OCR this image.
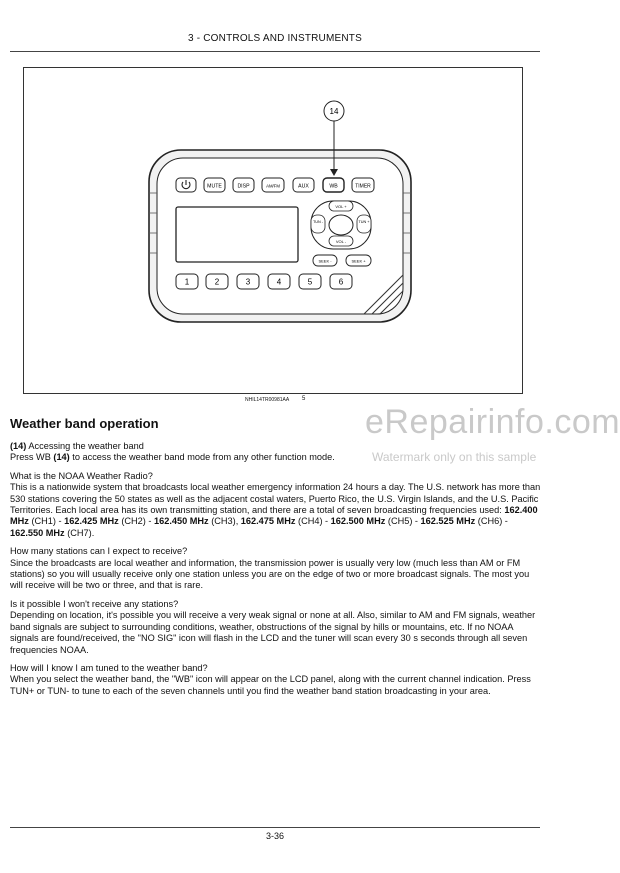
3 - CONTROLS AND INSTRUMENTS
14
MUTE	DISP	AM/FM	AUX	WB	TIMER
VOL +
VOL -
TUN -	TUN +
SEEK -	SEEK +
1	2	3	4	5	6
NHIL14TR00981AA 5
eRepairinfo.com
Watermark only on this sample
Weather band operation

(14) Accessing the weather band
Press WB (14) to access the weather band mode from any other function mode.

What is the NOAA Weather Radio?
This is a nationwide system that broadcasts local weather emergency information 24 hours a day. The U.S. network has more than 530 stations covering the 50 states as well as the adjacent costal waters, Puerto Rico, the U.S. Virgin Islands, and the U.S. Pacific Territories. Each local area has its own transmitting station, and there are a total of seven broadcasting frequencies used: 162.400 MHz (CH1) - 162.425 MHz (CH2) - 162.450 MHz (CH3), 162.475 MHz (CH4) - 162.500 MHz (CH5) - 162.525 MHz (CH6) - 162.550 MHz (CH7).

How many stations can I expect to receive?
Since the broadcasts are local weather and information, the transmission power is usually very low (much less than AM or FM stations) so you will usually receive only one station unless you are on the edge of two or more broadcast signals. The most you will receive will be two or three, and that is rare.

Is it possible I won't receive any stations?
Depending on location, it's possible you will receive a very weak signal or none at all. Also, similar to AM and FM signals, weather band signals are subject to surrounding conditions, weather, obstructions of the signal by hills or mountains, etc. If no NOAA signals are found/received, the "NO SIG" icon will flash in the LCD and the tuner will scan every 30 s seconds through all seven frequencies NOAA.

How will I know I am tuned to the weather band?
When you select the weather band, the "WB" icon will appear on the LCD panel, along with the current channel indication. Press TUN+ or TUN- to tune to each of the seven channels until you find the weather band station broadcasting in your area.

3-36
